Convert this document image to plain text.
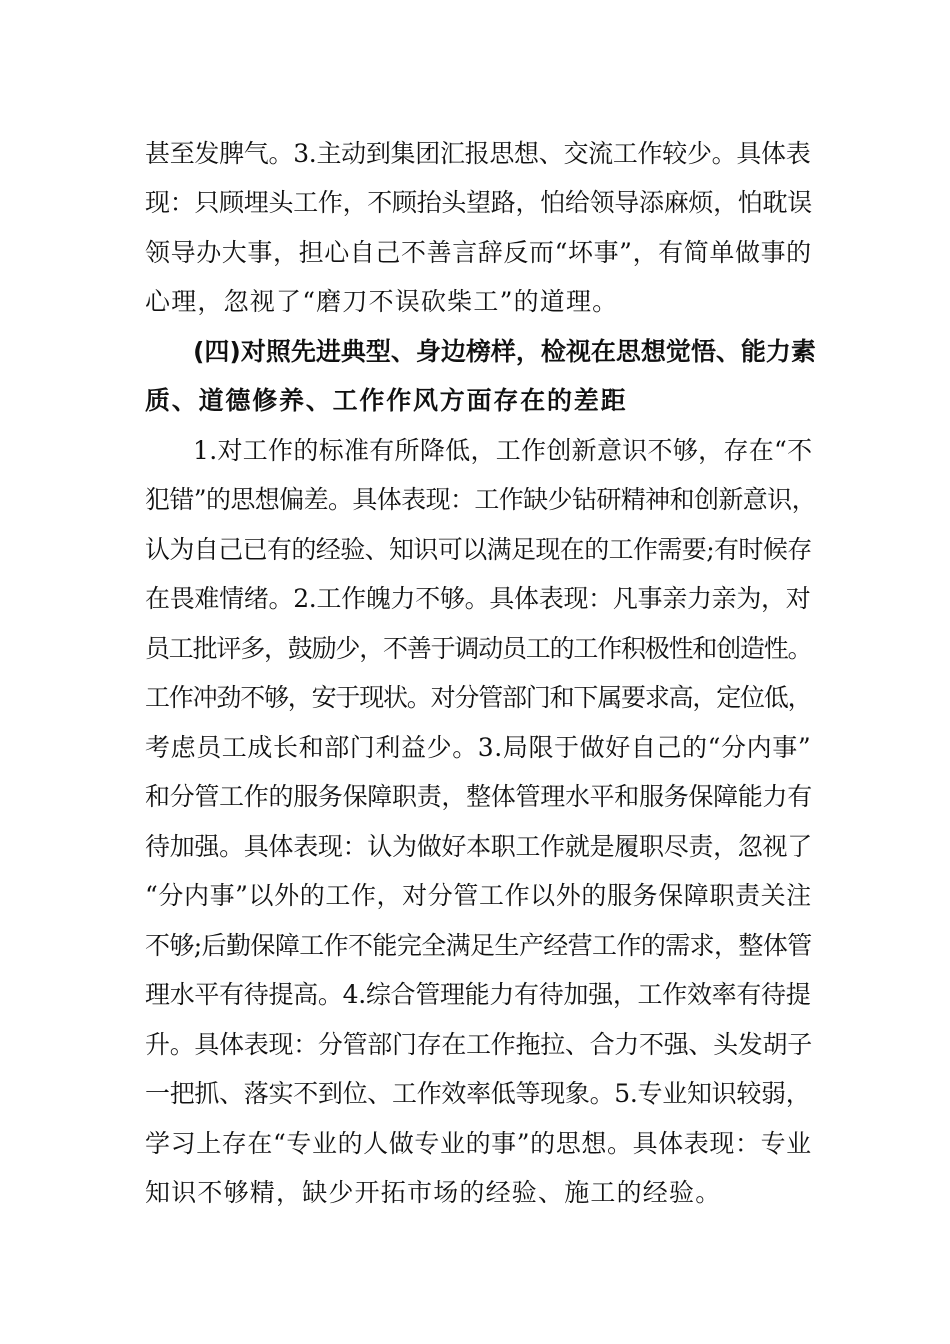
甚至发脾气。3.主动到集团汇报思想、交流工作较少。具体表
现：只顾埋头工作，不顾抬头望路，怕给领导添麻烦，怕耽误
领导办大事，担心自己不善言辞反而“坏事”，有简单做事的
心理，忽视了“磨刀不误砍柴工”的道理。
(四)对照先进典型、身边榜样，检视在思想觉悟、能力素
质、道德修养、工作作风方面存在的差距
1.对工作的标准有所降低，工作创新意识不够，存在“不
犯错”的思想偏差。具体表现：工作缺少钻研精神和创新意识，
认为自己已有的经验、知识可以满足现在的工作需要;有时候存
在畏难情绪。2.工作魄力不够。具体表现：凡事亲力亲为，对
员工批评多，鼓励少，不善于调动员工的工作积极性和创造性。
工作冲劲不够，安于现状。对分管部门和下属要求高，定位低，
考虑员工成长和部门利益少。3.局限于做好自己的“分内事”
和分管工作的服务保障职责，整体管理水平和服务保障能力有
待加强。具体表现：认为做好本职工作就是履职尽责，忽视了
“分内事”以外的工作，对分管工作以外的服务保障职责关注
不够;后勤保障工作不能完全满足生产经营工作的需求，整体管
理水平有待提高。4.综合管理能力有待加强，工作效率有待提
升。具体表现：分管部门存在工作拖拉、合力不强、头发胡子
一把抓、落实不到位、工作效率低等现象。5.专业知识较弱，
学习上存在“专业的人做专业的事”的思想。具体表现：专业
知识不够精，缺少开拓市场的经验、施工的经验。
